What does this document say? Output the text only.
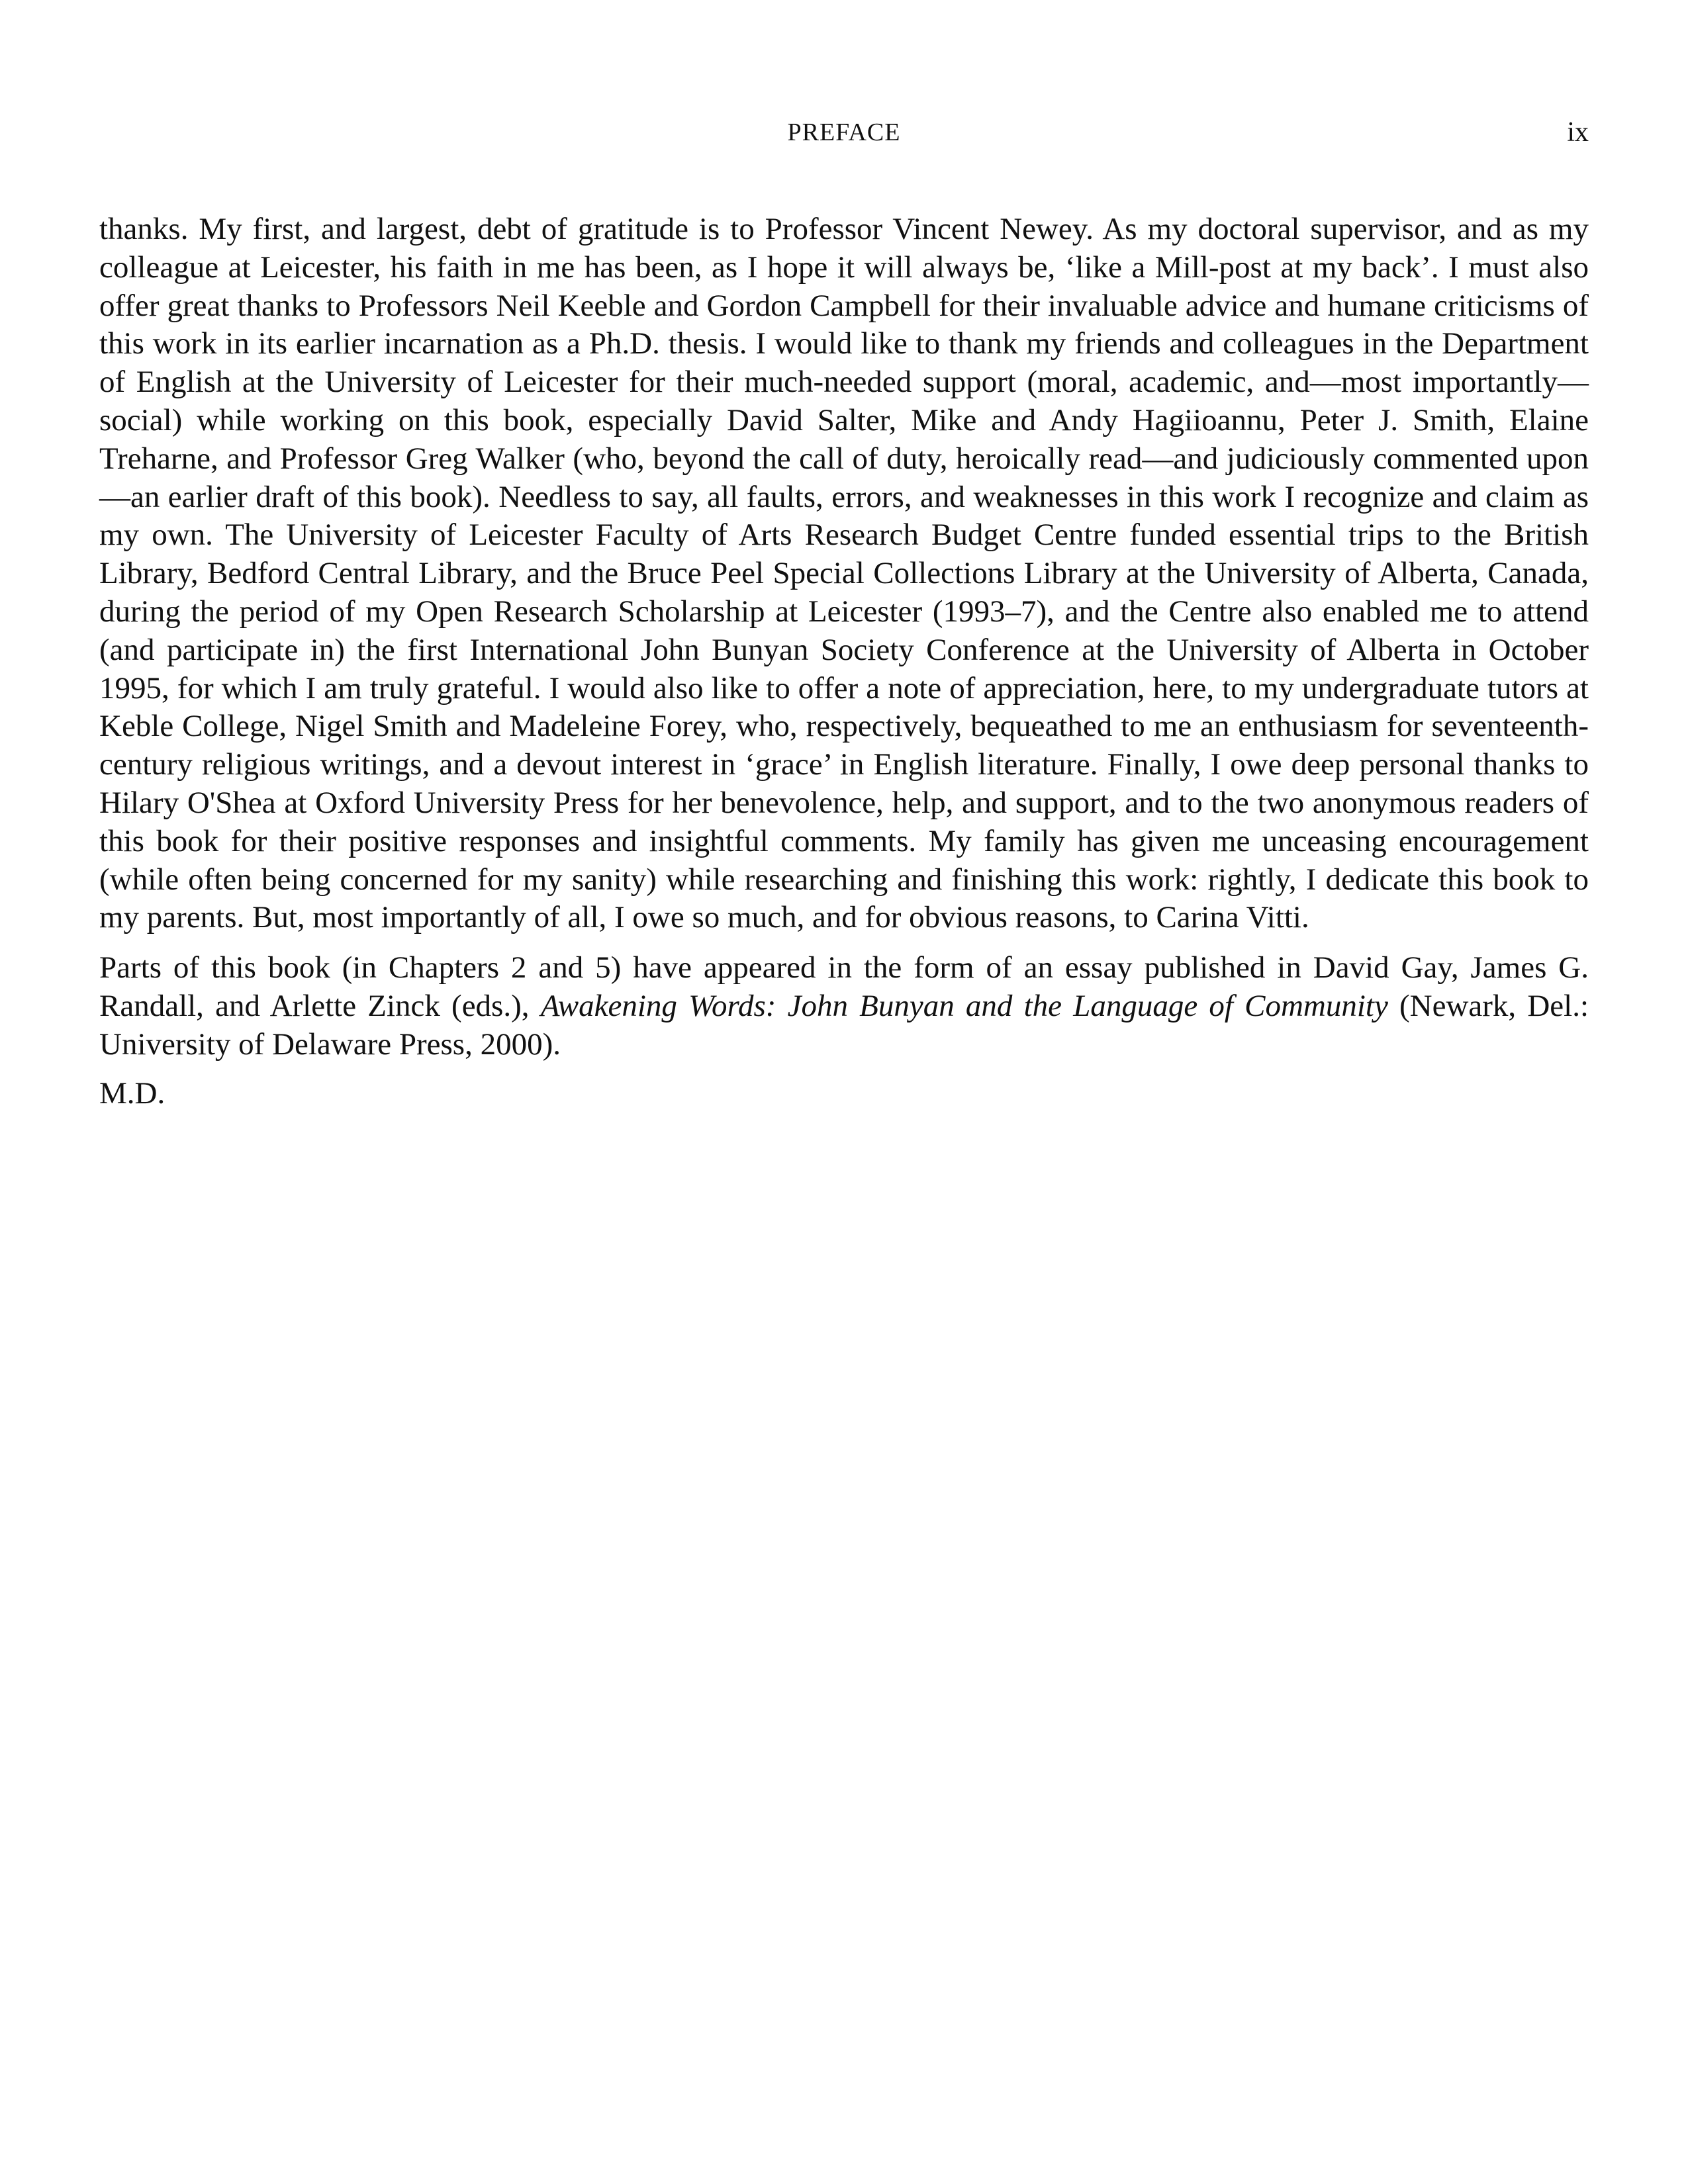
PREFACE	ix

thanks. My first, and largest, debt of gratitude is to Professor Vincent Newey. As my doctoral supervisor, and as my colleague at Leicester, his faith in me has been, as I hope it will always be, ‘like a Mill-post at my back’. I must also offer great thanks to Professors Neil Keeble and Gordon Campbell for their invaluable advice and humane criticisms of this work in its earlier incarnation as a Ph.D. thesis. I would like to thank my friends and colleagues in the Department of English at the University of Leicester for their much-needed support (moral, academic, and—most importantly—social) while working on this book, especially David Salter, Mike and Andy Hagiioannu, Peter J. Smith, Elaine Treharne, and Professor Greg Walker (who, beyond the call of duty, heroically read—and judiciously commented upon—an earlier draft of this book). Needless to say, all faults, errors, and weaknesses in this work I recognize and claim as my own. The University of Leicester Faculty of Arts Research Budget Centre funded essential trips to the British Library, Bedford Central Library, and the Bruce Peel Special Collections Library at the University of Alberta, Canada, during the period of my Open Research Scholarship at Leicester (1993–7), and the Centre also enabled me to attend (and participate in) the first International John Bunyan Society Conference at the University of Alberta in October 1995, for which I am truly grateful. I would also like to offer a note of appreciation, here, to my undergraduate tutors at Keble College, Nigel Smith and Madeleine Forey, who, respectively, bequeathed to me an enthusiasm for seventeenth-century religious writings, and a devout interest in ‘grace’ in English literature. Finally, I owe deep personal thanks to Hilary O'Shea at Oxford University Press for her benevolence, help, and support, and to the two anonymous readers of this book for their positive responses and insightful comments. My family has given me unceasing encouragement (while often being concerned for my sanity) while researching and finishing this work: rightly, I dedicate this book to my parents. But, most importantly of all, I owe so much, and for obvious reasons, to Carina Vitti.

Parts of this book (in Chapters 2 and 5) have appeared in the form of an essay published in David Gay, James G. Randall, and Arlette Zinck (eds.), Awakening Words: John Bunyan and the Language of Community (Newark, Del.: University of Delaware Press, 2000).

M.D.
